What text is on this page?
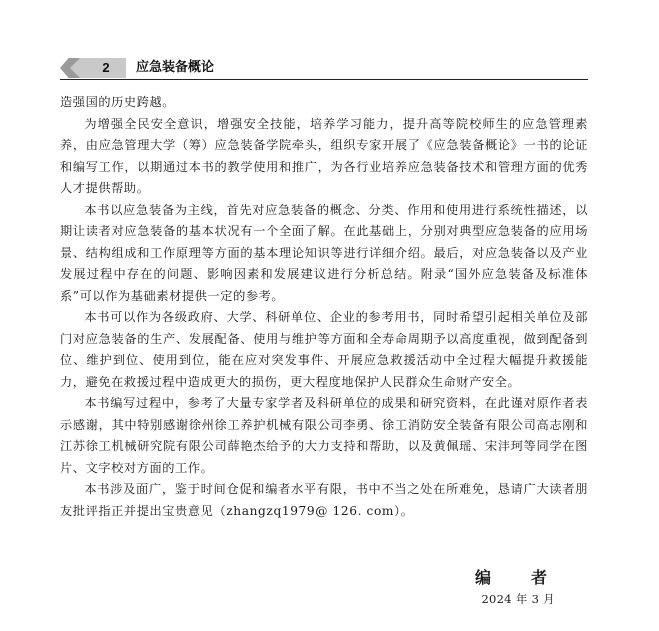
2	应急装备概论

造强国的历史跨越。

为增强全民安全意识，增强安全技能，培养学习能力，提升高等院校师生的应急管理素养，由应急管理大学（筹）应急装备学院牵头，组织专家开展了《应急装备概论》一书的论证和编写工作，以期通过本书的教学使用和推广，为各行业培养应急装备技术和管理方面的优秀人才提供帮助。

本书以应急装备为主线，首先对应急装备的概念、分类、作用和使用进行系统性描述，以期让读者对应急装备的基本状况有一个全面了解。在此基础上，分别对典型应急装备的应用场景、结构组成和工作原理等方面的基本理论知识等进行详细介绍。最后，对应急装备以及产业发展过程中存在的问题、影响因素和发展建议进行分析总结。附录“国外应急装备及标准体系”可以作为基础素材提供一定的参考。

本书可以作为各级政府、大学、科研单位、企业的参考用书，同时希望引起相关单位及部门对应急装备的生产、发展配备、使用与维护等方面和全寿命周期予以高度重视，做到配备到位、维护到位、使用到位，能在应对突发事件、开展应急救援活动中全过程大幅提升救援能力，避免在救援过程中造成更大的损伤，更大程度地保护人民群众生命财产安全。

本书编写过程中，参考了大量专家学者及科研单位的成果和研究资料，在此谨对原作者表示感谢，其中特别感谢徐州徐工养护机械有限公司李勇、徐工消防安全装备有限公司高志刚和江苏徐工机械研究院有限公司薛艳杰给予的大力支持和帮助，以及黄佩瑶、宋沣珂等同学在图片、文字校对方面的工作。

本书涉及面广，鉴于时间仓促和编者水平有限，书中不当之处在所难免，恳请广大读者朋友批评指正并提出宝贵意见（zhangzq1979@ 126. com）。

编　者
2024 年 3 月
